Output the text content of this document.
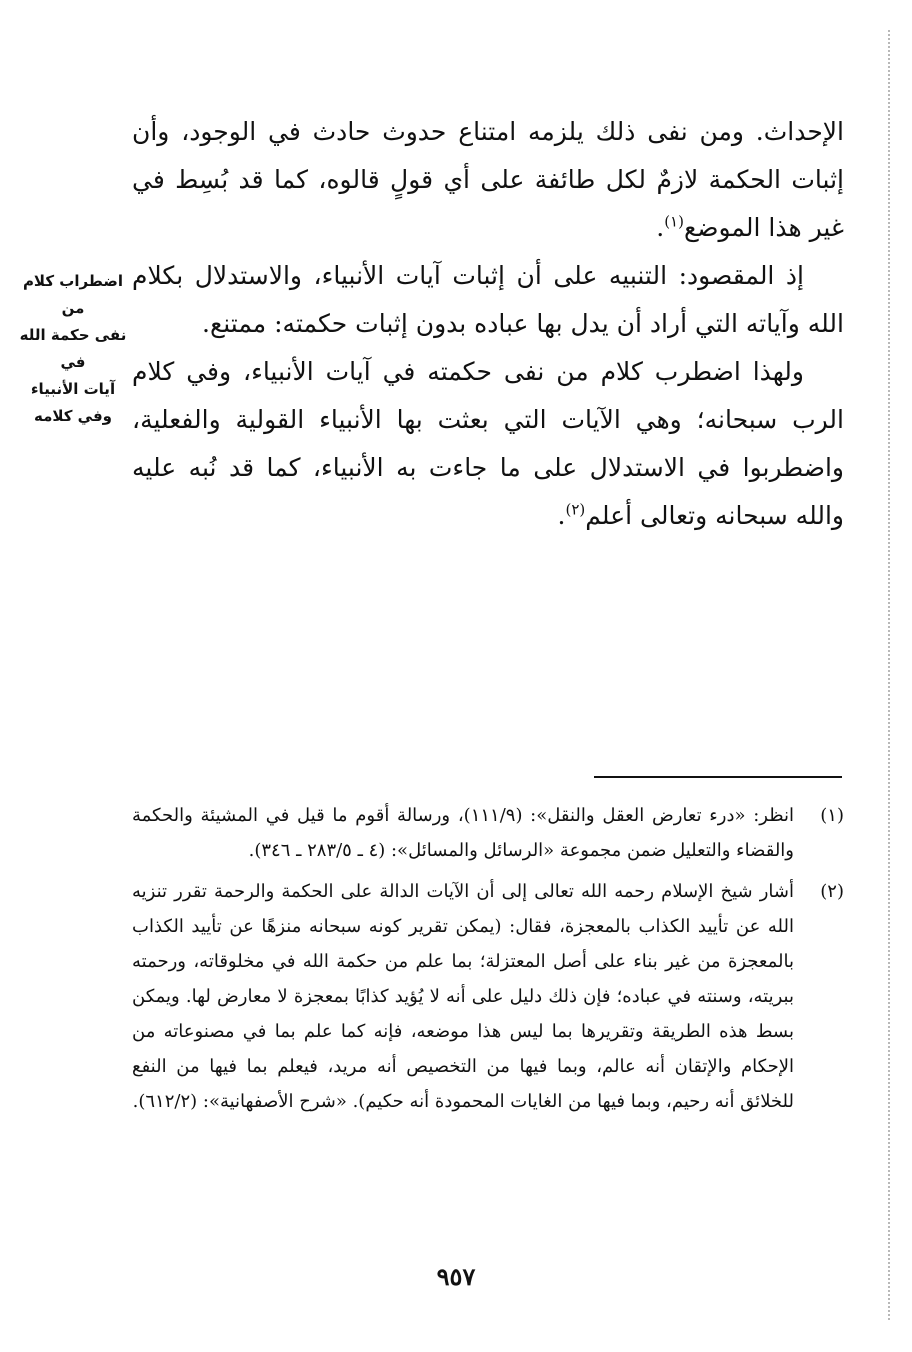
الإحداث. ومن نفى ذلك يلزمه امتناع حدوث حادث في الوجود، وأن إثبات الحكمة لازمٌ لكل طائفة على أي قولٍ قالوه، كما قد بُسِط في غير هذا الموضع$^{(١)}$.

إذ المقصود: التنبيه على أن إثبات آيات الأنبياء، والاستدلال بكلام الله وآياته التي أراد أن يدل بها عباده بدون إثبات حكمته: ممتنع.

ولهذا اضطرب كلام من نفى حكمته في آيات الأنبياء، وفي كلام الرب سبحانه؛ وهي الآيات التي بعثت بها الأنبياء القولية والفعلية، واضطربوا في الاستدلال على ما جاءت به الأنبياء، كما قد نُبه عليه والله سبحانه وتعالى أعلم$^{(٢)}$.

اضطراب كلام من
نفى حكمة الله في
آيات الأنبياء
وفي كلامه
(١)
انظر: «درء تعارض العقل والنقل»: (١١١/٩)، ورسالة أقوم ما قيل في المشيئة والحكمة والقضاء والتعليل ضمن مجموعة «الرسائل والمسائل»: (٤ ـ ٢٨٣/٥ ـ ٣٤٦).
(٢)
أشار شيخ الإسلام رحمه الله تعالى إلى أن الآيات الدالة على الحكمة والرحمة تقرر تنزيه الله عن تأييد الكذاب بالمعجزة، فقال: (يمكن تقرير كونه سبحانه منزهًا عن تأييد الكذاب بالمعجزة من غير بناء على أصل المعتزلة؛ بما علم من حكمة الله في مخلوقاته، ورحمته ببريته، وسنته في عباده؛ فإن ذلك دليل على أنه لا يُؤيد كذابًا بمعجزة لا معارض لها. ويمكن بسط هذه الطريقة وتقريرها بما ليس هذا موضعه، فإنه كما علم بما في مصنوعاته من الإحكام والإتقان أنه عالم، وبما فيها من التخصيص أنه مريد، فيعلم بما فيها من النفع للخلائق أنه رحيم، وبما فيها من الغايات المحمودة أنه حكيم). «شرح الأصفهانية»: (٦١٢/٢).
٩٥٧
